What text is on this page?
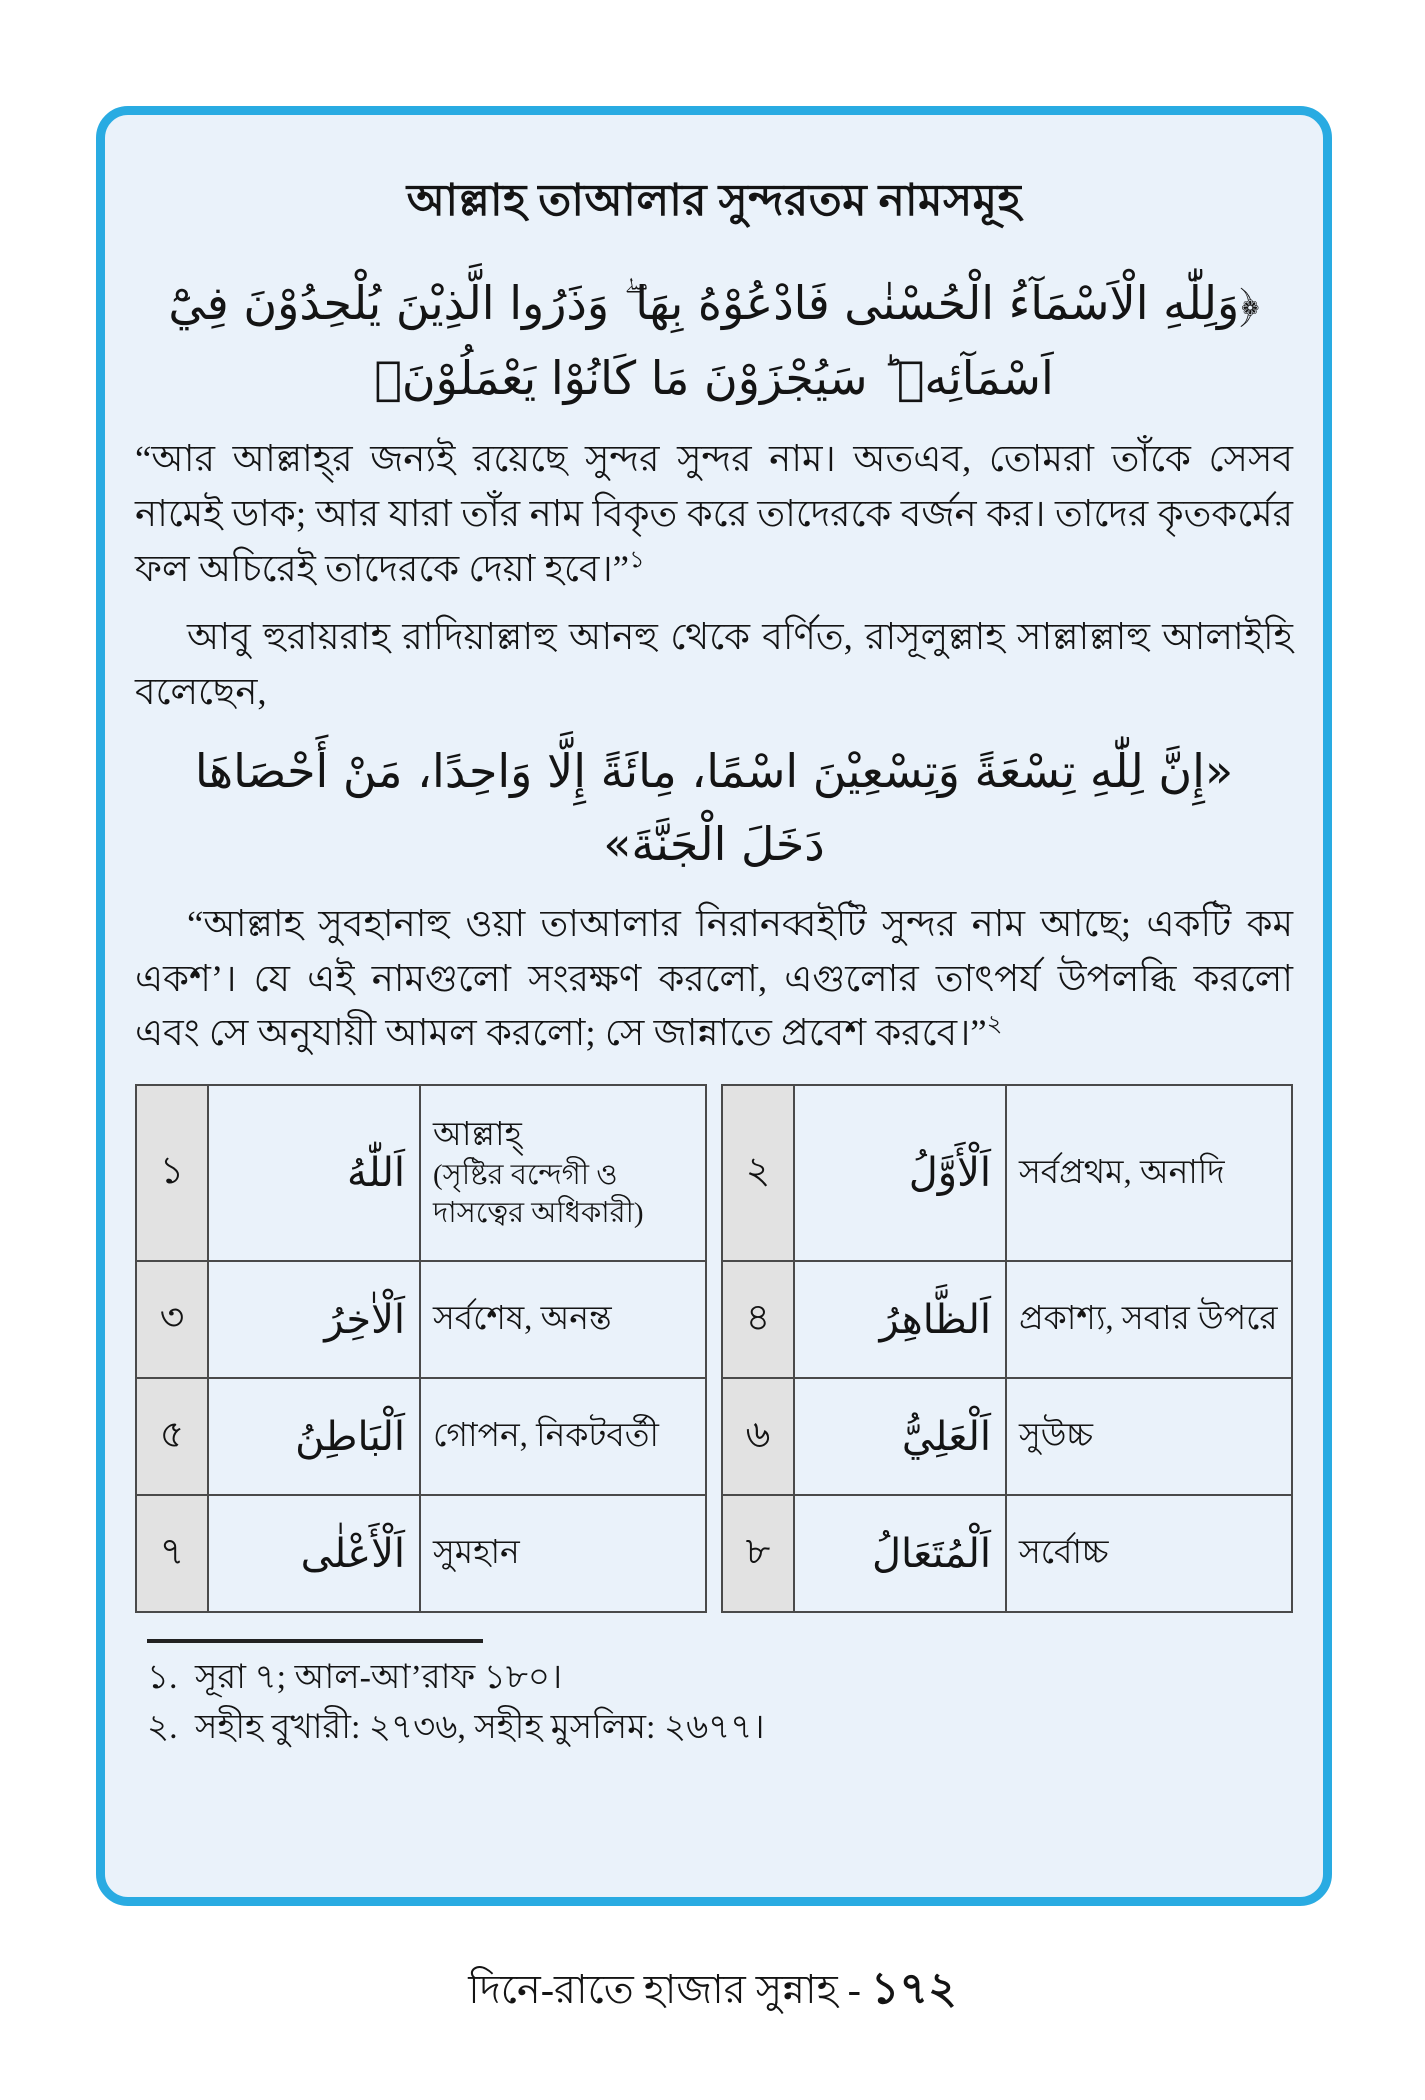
আল্লাহ তাআলার সুন্দরতম নামসমূহ
﴿وَلِلّٰهِ الْاَسْمَآءُ الْحُسْنٰى فَادْعُوْهُ بِهَا ۖ وَذَرُوا الَّذِيْنَ يُلْحِدُوْنَ فِيْٓ
اَسْمَآئِهٖ ؕ سَيُجْزَوْنَ مَا كَانُوْا يَعْمَلُوْنَ﴾

“আর আল্লাহ্‌র জন্যই রয়েছে সুন্দর সুন্দর নাম। অতএব, তোমরা তাঁকে সেসব নামেই ডাক; আর যারা তাঁর নাম বিকৃত করে তাদেরকে বর্জন কর। তাদের কৃতকর্মের ফল অচিরেই তাদেরকে দেয়া হবে।”$^১$

আবু হুরায়রাহ রাদিয়াল্লাহু আনহু থেকে বর্ণিত, রাসূলুল্লাহ সাল্লাল্লাহু আলাইহি বলেছেন,

«إِنَّ لِلّٰهِ تِسْعَةً وَتِسْعِيْنَ اسْمًا، مِائَةً إِلَّا وَاحِدًا، مَنْ أَحْصَاهَا
دَخَلَ الْجَنَّةَ»

“আল্লাহ সুবহানাহু ওয়া তাআলার নিরানব্বইটি সুন্দর নাম আছে; একটি কম একশ’। যে এই নামগুলো সংরক্ষণ করলো, এগুলোর তাৎপর্য উপলব্ধি করলো এবং সে অনুযায়ী আমল করলো; সে জান্নাতে প্রবেশ করবে।”$^২$

১	اَللّٰهُ	আল্লাহ্
(সৃষ্টির বন্দেগী ও দাসত্বের অধিকারী)

৩	اَلْاٰخِرُ	সর্বশেষ, অনন্ত
৫	اَلْبَاطِنُ	গোপন, নিকটবর্তী
৭	اَلْأَعْلٰى	সুমহান
২	اَلْأَوَّلُ	সর্বপ্রথম, অনাদি
৪	اَلظَّاهِرُ	প্রকাশ্য, সবার উপরে
৬	اَلْعَلِيُّ	সুউচ্চ
৮	اَلْمُتَعَالُ	সর্বোচ্চ
১. সূরা ৭; আল-আ’রাফ ১৮০।
২. সহীহ বুখারী: ২৭৩৬, সহীহ মুসলিম: ২৬৭৭।
দিনে-রাতে হাজার সুন্নাহ - ১৭২
